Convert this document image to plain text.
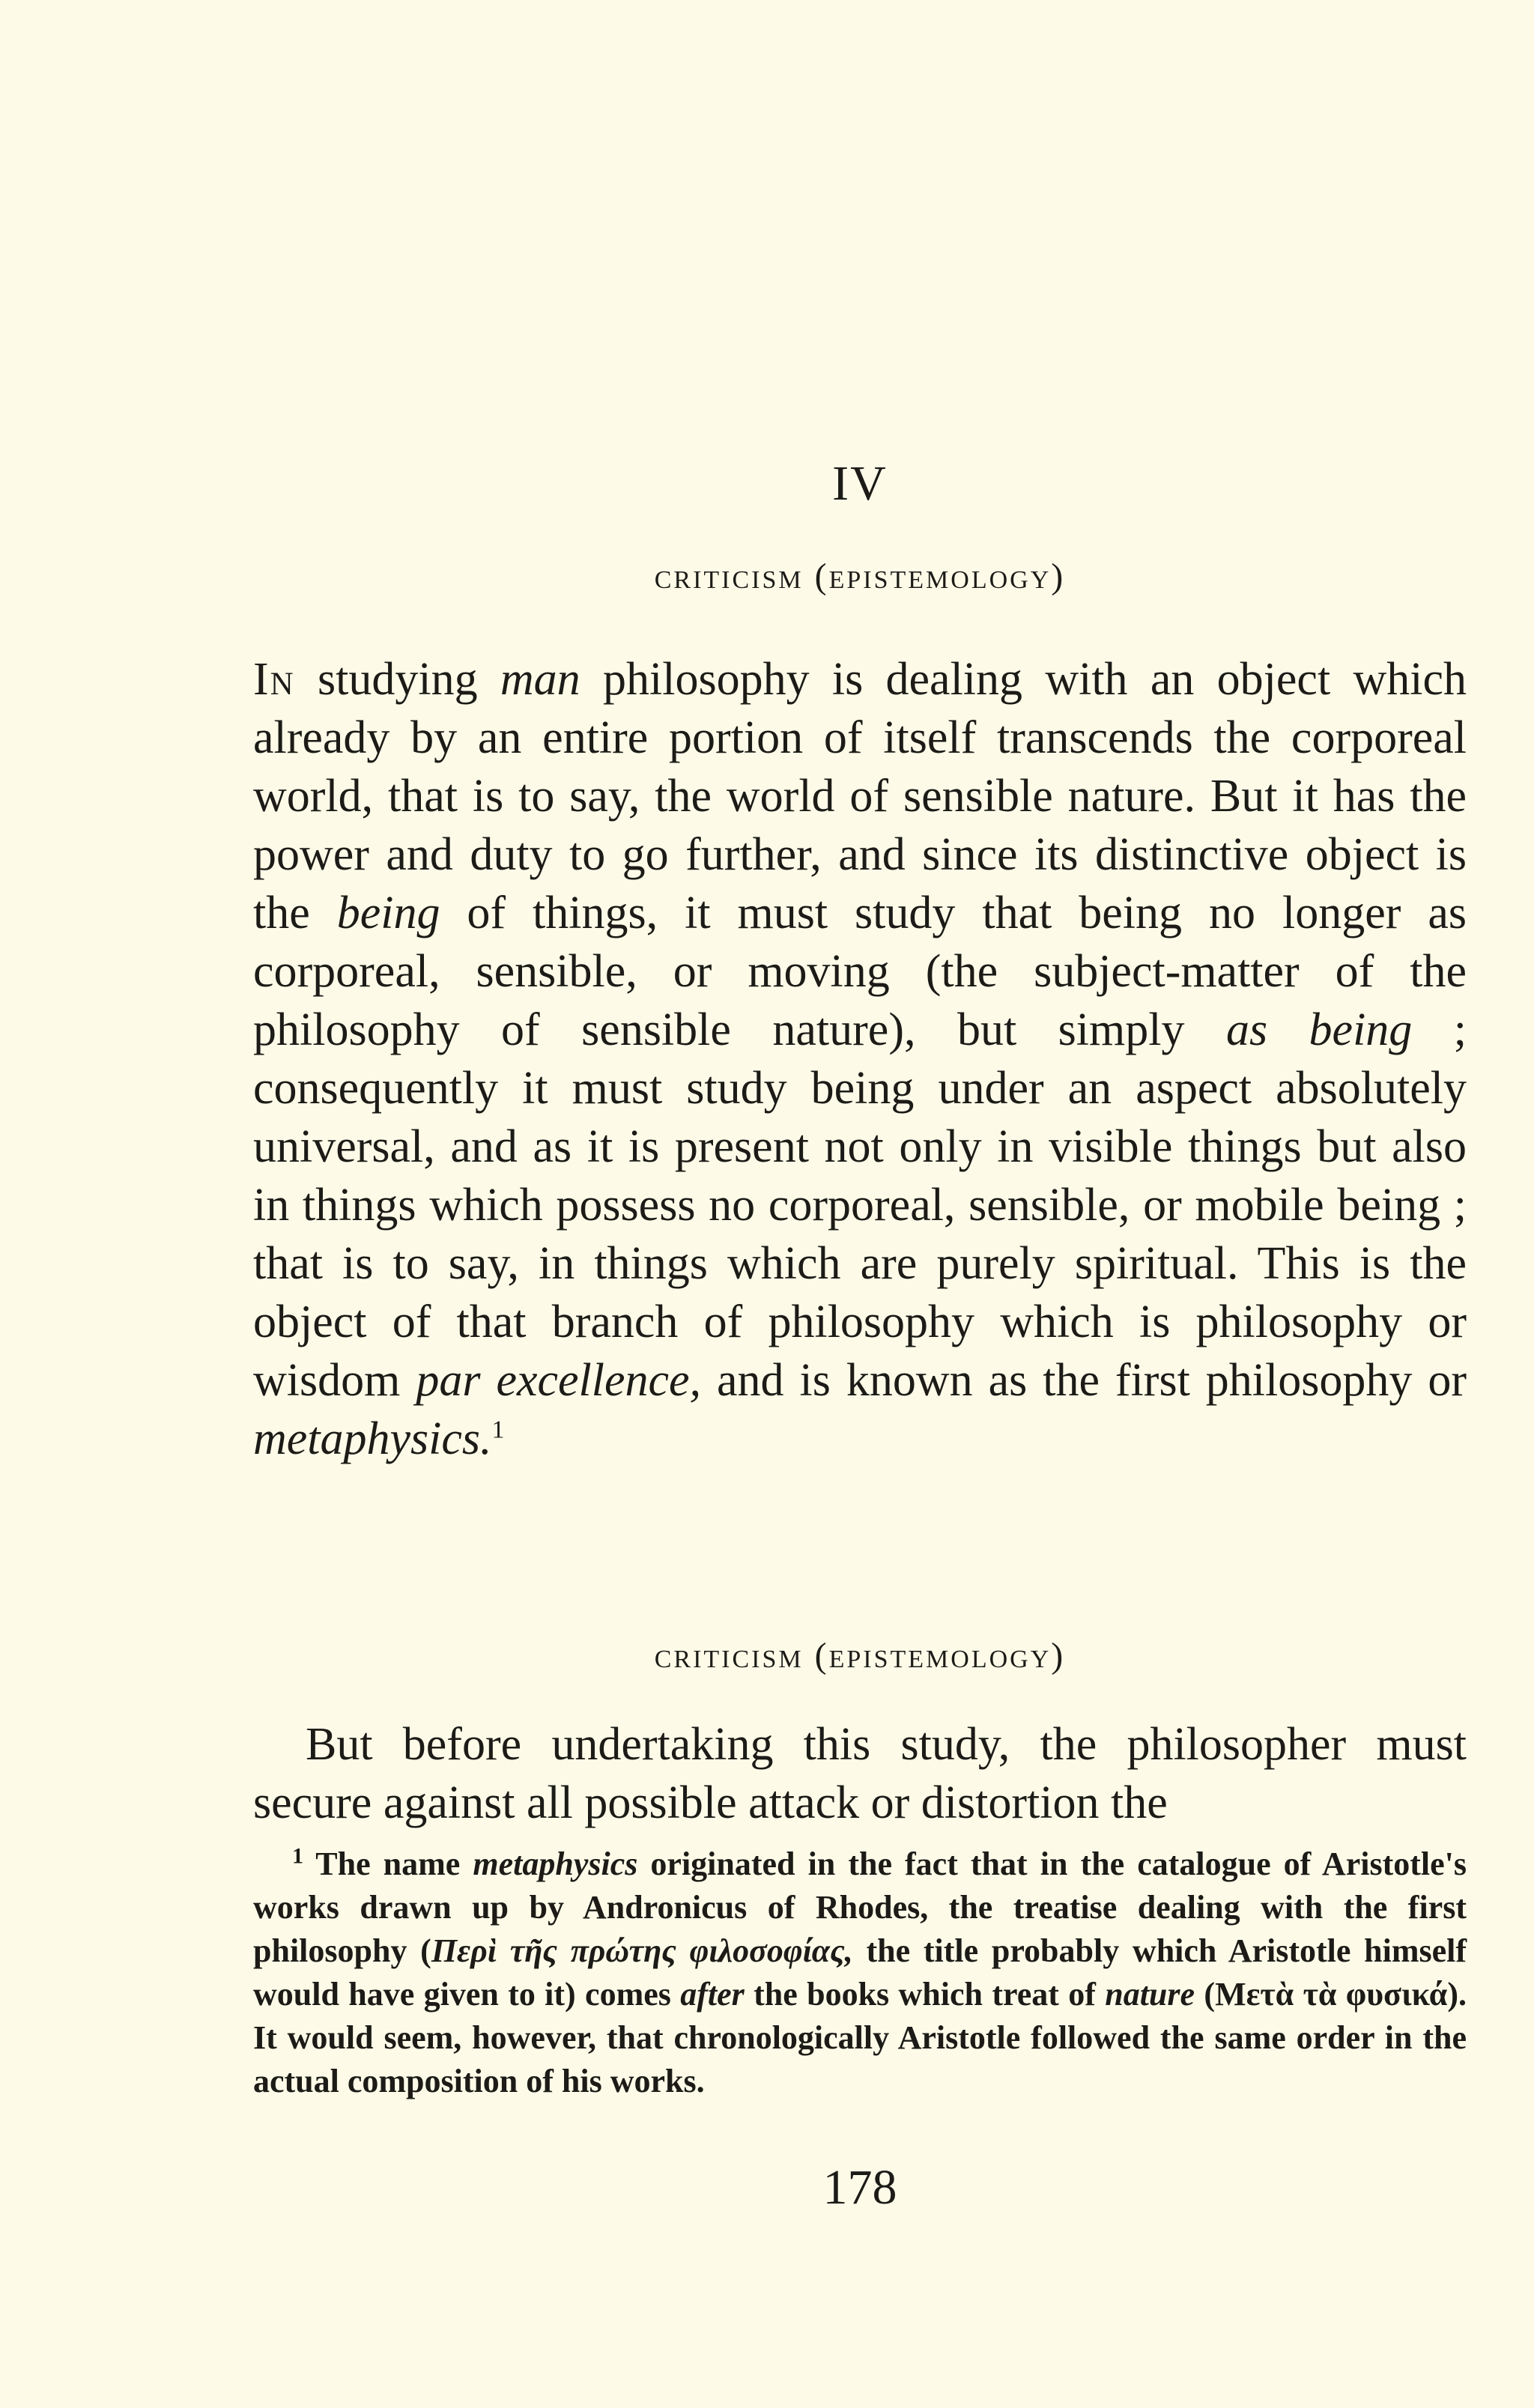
IV
criticism (epistemology)

In studying man philosophy is dealing with an object which already by an entire portion of itself transcends the corporeal world, that is to say, the world of sensible nature. But it has the power and duty to go further, and since its distinctive object is the being of things, it must study that being no longer as corporeal, sensible, or moving (the subject-matter of the philosophy of sensible nature), but simply as being ; consequently it must study being under an aspect absolutely universal, and as it is present not only in visible things but also in things which possess no corporeal, sensible, or mobile being ; that is to say, in things which are purely spiritual. This is the object of that branch of philosophy which is philosophy or wisdom par excellence, and is known as the first philosophy or metaphysics.$^1$

criticism (epistemology)

But before undertaking this study, the philosopher must secure against all possible attack or distortion the

$^1$ The name metaphysics originated in the fact that in the catalogue of Aristotle's works drawn up by Andronicus of Rhodes, the treatise dealing with the first philosophy (Περὶ τῆς πρώτης φιλοσοφίας, the title probably which Aristotle himself would have given to it) comes after the books which treat of nature (Μετὰ τὰ φυσικά). It would seem, however, that chronologically Aristotle followed the same order in the actual composition of his works.

178
